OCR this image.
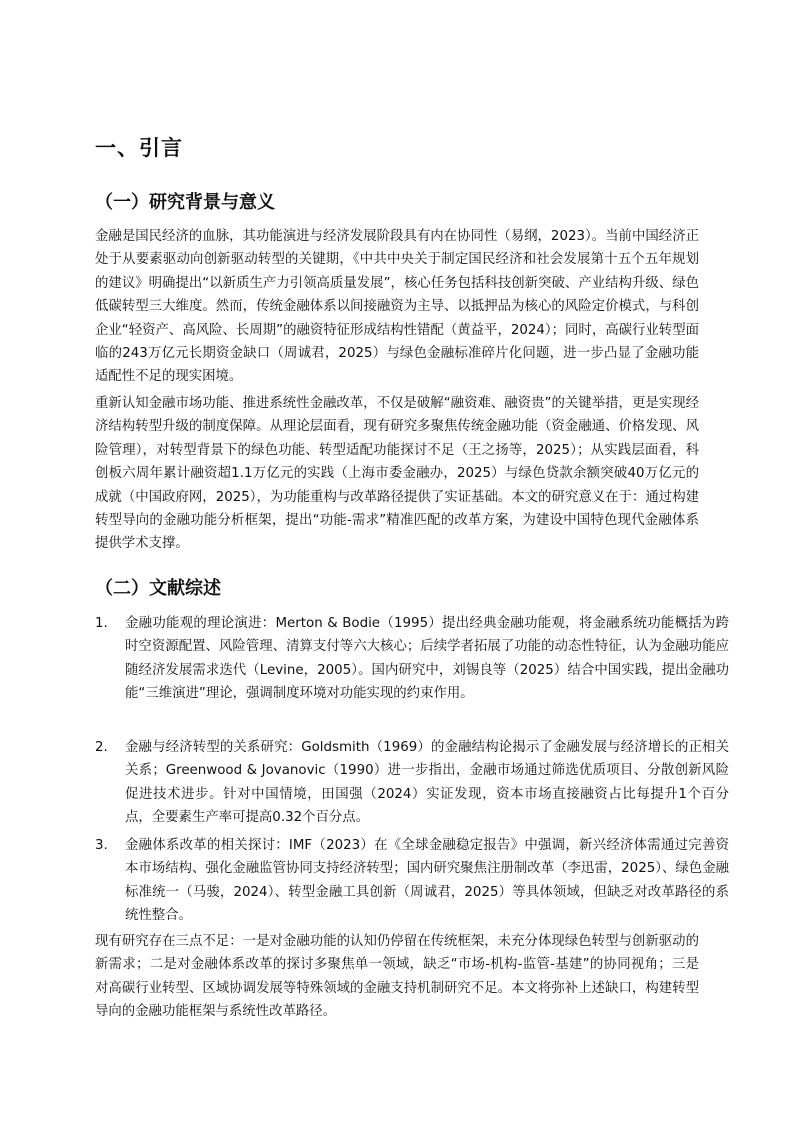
一、引言
（一）研究背景与意义

金融是国民经济的血脉，其功能演进与经济发展阶段具有内在协同性（易纲，2023）。当前中国经济正处于从要素驱动向创新驱动转型的关键期，《中共中央关于制定国民经济和社会发展第十五个五年规划的建议》明确提出“以新质生产力引领高质量发展”，核心任务包括科技创新突破、产业结构升级、绿色低碳转型三大维度。然而，传统金融体系以间接融资为主导、以抵押品为核心的风险定价模式，与科创企业“轻资产、高风险、长周期”的融资特征形成结构性错配（黄益平，2024）；同时，高碳行业转型面临的243万亿元长期资金缺口（周诚君，2025）与绿色金融标准碎片化问题，进一步凸显了金融功能适配性不足的现实困境。

重新认知金融市场功能、推进系统性金融改革，不仅是破解“融资难、融资贵”的关键举措，更是实现经济结构转型升级的制度保障。从理论层面看，现有研究多聚焦传统金融功能（资金融通、价格发现、风险管理），对转型背景下的绿色功能、转型适配功能探讨不足（王之扬等，2025）；从实践层面看，科创板六周年累计融资超1.1万亿元的实践（上海市委金融办，2025）与绿色贷款余额突破40万亿元的成就（中国政府网，2025），为功能重构与改革路径提供了实证基础。本文的研究意义在于：通过构建转型导向的金融功能分析框架，提出“功能-需求”精准匹配的改革方案，为建设中国特色现代金融体系提供学术支撑。

（二）文献综述
1. 金融功能观的理论演进：Merton & Bodie（1995）提出经典金融功能观，将金融系统功能概括为跨时空资源配置、风险管理、清算支付等六大核心；后续学者拓展了功能的动态性特征，认为金融功能应随经济发展需求迭代（Levine，2005）。国内研究中，刘锡良等（2025）结合中国实践，提出金融功能“三维演进”理论，强调制度环境对功能实现的约束作用。
2. 金融与经济转型的关系研究：Goldsmith（1969）的金融结构论揭示了金融发展与经济增长的正相关关系；Greenwood & Jovanovic（1990）进一步指出，金融市场通过筛选优质项目、分散创新风险促进技术进步。针对中国情境，田国强（2024）实证发现，资本市场直接融资占比每提升1个百分点，全要素生产率可提高0.32个百分点。
3. 金融体系改革的相关探讨：IMF（2023）在《全球金融稳定报告》中强调，新兴经济体需通过完善资本市场结构、强化金融监管协同支持经济转型；国内研究聚焦注册制改革（李迅雷，2025）、绿色金融标准统一（马骏，2024）、转型金融工具创新（周诚君，2025）等具体领域，但缺乏对改革路径的系统性整合。

现有研究存在三点不足：一是对金融功能的认知仍停留在传统框架，未充分体现绿色转型与创新驱动的新需求；二是对金融体系改革的探讨多聚焦单一领域，缺乏“市场-机构-监管-基建”的协同视角；三是对高碳行业转型、区域协调发展等特殊领域的金融支持机制研究不足。本文将弥补上述缺口，构建转型导向的金融功能框架与系统性改革路径。
